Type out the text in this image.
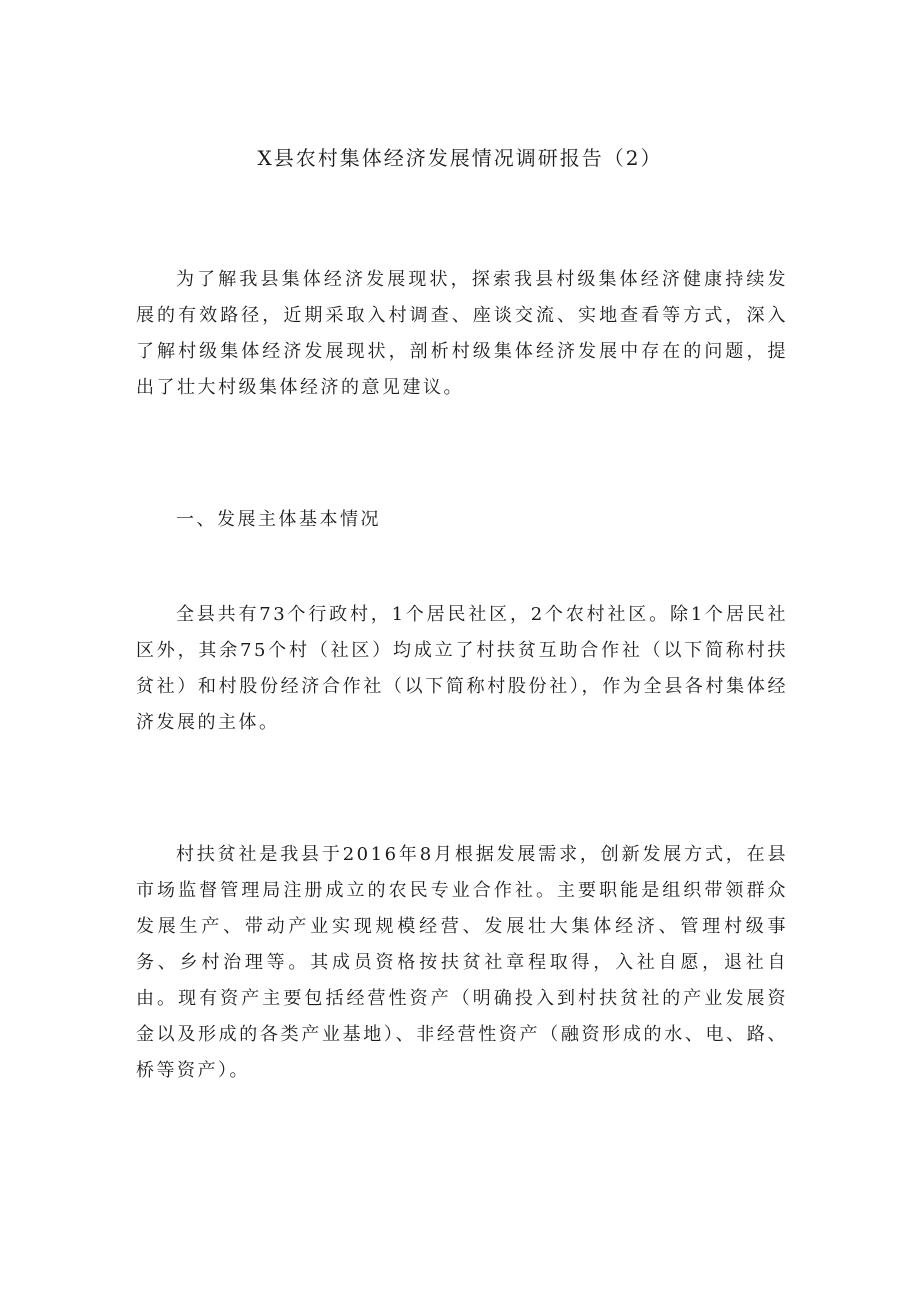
X县农村集体经济发展情况调研报告（2）

为了解我县集体经济发展现状，探索我县村级集体经济健康持续发展的有效路径，近期采取入村调查、座谈交流、实地查看等方式，深入了解村级集体经济发展现状，剖析村级集体经济发展中存在的问题，提出了壮大村级集体经济的意见建议。

一、发展主体基本情况

全县共有73个行政村，1个居民社区，2个农村社区。除1个居民社区外，其余75个村（社区）均成立了村扶贫互助合作社（以下简称村扶贫社）和村股份经济合作社（以下简称村股份社），作为全县各村集体经济发展的主体。

村扶贫社是我县于2016年8月根据发展需求，创新发展方式，在县市场监督管理局注册成立的农民专业合作社。主要职能是组织带领群众发展生产、带动产业实现规模经营、发展壮大集体经济、管理村级事务、乡村治理等。其成员资格按扶贫社章程取得，入社自愿，退社自由。现有资产主要包括经营性资产（明确投入到村扶贫社的产业发展资金以及形成的各类产业基地）、非经营性资产（融资形成的水、电、路、桥等资产）。
